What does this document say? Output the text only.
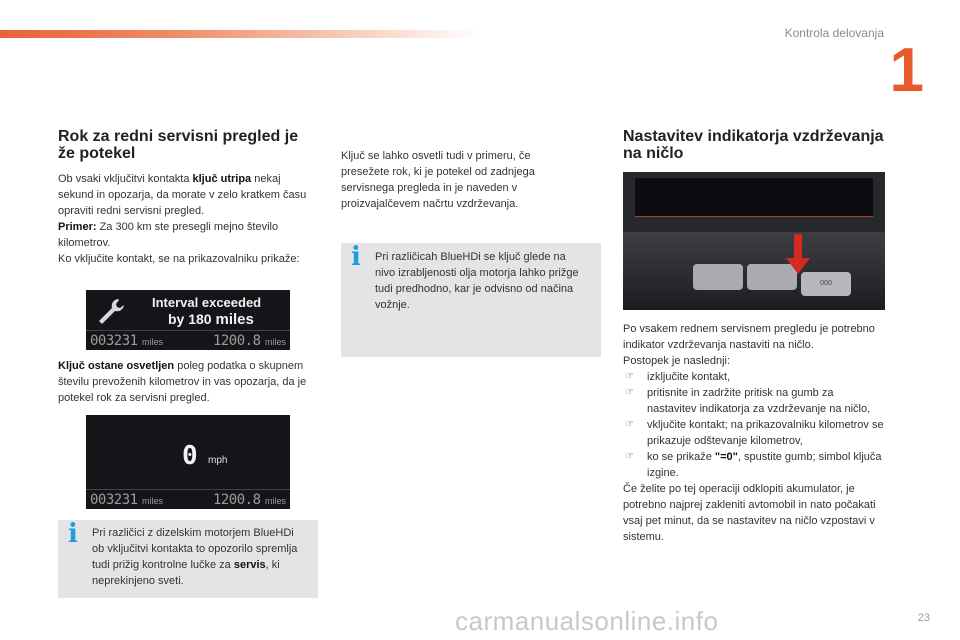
Kontrola delovanja
1
Rok za redni servisni pregled je že potekel

Ob vsaki vključitvi kontakta ključ utripa nekaj sekund in opozarja, da morate v zelo kratkem času opraviti redni servisni pregled.

Primer: Za 300 km ste presegli mejno število kilometrov.

Ko vključite kontakt, se na prikazovalniku prikaže:

Interval exceeded
by 180 miles
003231 miles	1200.8 miles

Ključ ostane osvetljen poleg podatka o skupnem številu prevoženih kilometrov in vas opozarja, da je potekel rok za servisni pregled.

0 mph
003231 miles	1200.8 miles
i Pri različici z dizelskim motorjem BlueHDi ob vključitvi kontakta to opozorilo spremlja tudi prižig kontrolne lučke za servis, ki neprekinjeno sveti.

Ključ se lahko osvetli tudi v primeru, če presežete rok, ki je potekel od zadnjega servisnega pregleda in je naveden v proizvajalčevem načrtu vzdrževanja.

i Pri različicah BlueHDi se ključ glede na nivo izrabljenosti olja motorja lahko prižge tudi predhodno, kar je odvisno od načina vožnje.

Nastavitev indikatorja vzdrževanja na ničlo
000

Po vsakem rednem servisnem pregledu je potrebno indikator vzdrževanja nastaviti na ničlo.

Postopek je naslednji:

☞ izključite kontakt,
☞ pritisnite in zadržite pritisk na gumb za nastavitev indikatorja za vzdrževanje na ničlo,
☞ vključite kontakt; na prikazovalniku kilometrov se prikazuje odštevanje kilometrov,
☞ ko se prikaže "=0", spustite gumb; simbol ključa izgine.

Če želite po tej operaciji odklopiti akumulator, je potrebno najprej zakleniti avtomobil in nato počakati vsaj pet minut, da se nastavitev na ničlo vzpostavi v sistemu.

carmanualsonline.info	23
